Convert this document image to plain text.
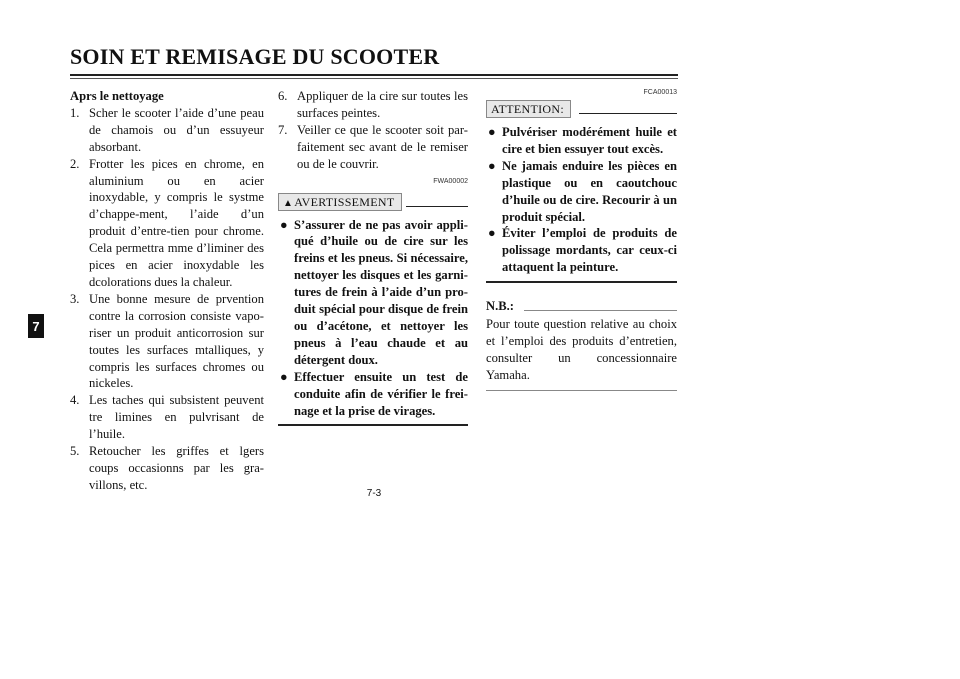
SOIN ET REMISAGE DU SCOOTER
7

Aprs le nettoyage

1. Scher le scooter l’aide d’une peau de chamois ou d’un essuyeur absorbant.
2. Frotter les pices en chrome, en aluminium ou en acier inoxydable, y compris le systme d’chappe-ment, l’aide d’un produit d’entre-tien pour chrome. Cela permettra mme d’liminer des pices en acier inoxydable les dcolorations dues la chaleur.
3. Une bonne mesure de prvention contre la corrosion consiste vapo-riser un produit anticorrosion sur toutes les surfaces mtalliques, y compris les surfaces chromes ou nickeles.
4. Les taches qui subsistent peuvent tre limines en pulvrisant de l’huile.
5. Retoucher les griffes et lgers coups occasionns par les gra-villons, etc.
6. Appliquer de la cire sur toutes les surfaces peintes.
7. Veiller ce que le scooter soit par-faitement sec avant de le remiser ou de le couvrir.
FWA00002
▲AVERTISSEMENT
● S’assurer de ne pas avoir appli-qué d’huile ou de cire sur les freins et les pneus. Si nécessaire, nettoyer les disques et les garni-tures de frein à l’aide d’un pro-duit spécial pour disque de frein ou d’acétone, et nettoyer les pneus à l’eau chaude et au détergent doux.
● Effectuer ensuite un test de conduite afin de vérifier le frei-nage et la prise de virages.
FCA00013
ATTENTION:
● Pulvériser modérément huile et cire et bien essuyer tout excès.
● Ne jamais enduire les pièces en plastique ou en caoutchouc d’huile ou de cire. Recourir à un produit spécial.
● Éviter l’emploi de produits de polissage mordants, car ceux-ci attaquent la peinture.
N.B.:

Pour toute question relative au choix et l’emploi des produits d’entretien, consulter un concessionnaire Yamaha.

7-3
